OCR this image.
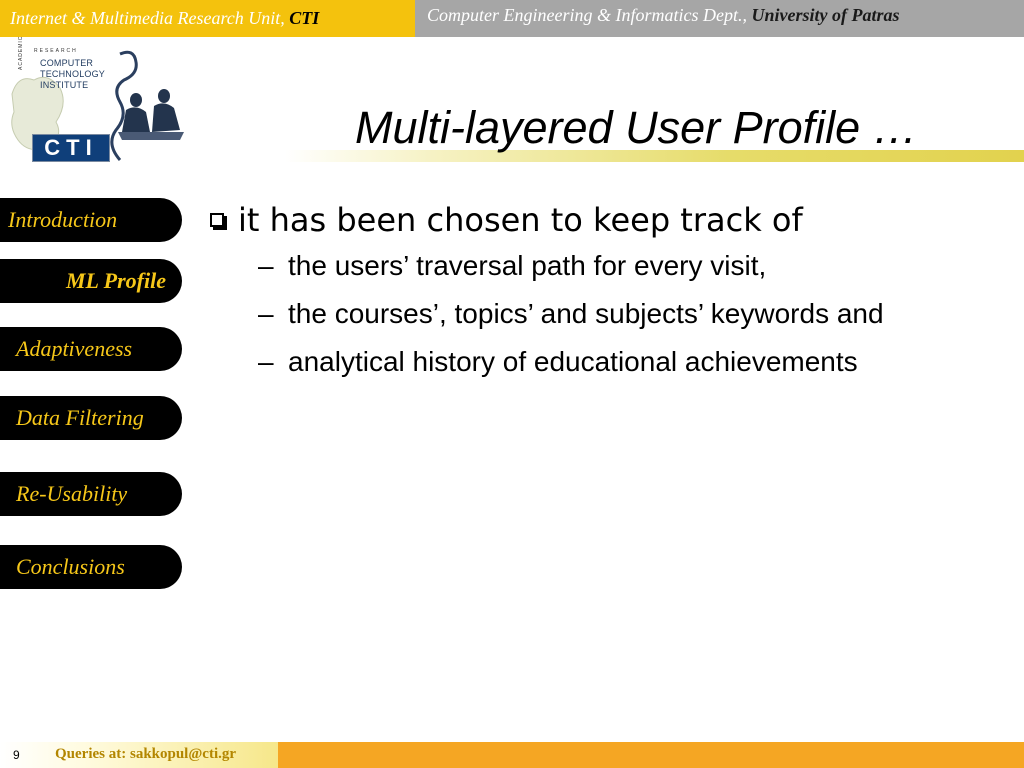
Internet & Multimedia Research Unit, CTI	Computer Engineering & Informatics Dept., University of Patras
RESEARCH
ACADEMIC COMPUTER
TECHNOLOGY
INSTITUTE
CTI	Multi-layered User Profile …
Introduction
ML Profile
Adaptiveness
Data Filtering
Re-Usability
Conclusions
it has been chosen to keep track of
– the users’ traversal path for every visit,
– the courses’, topics’ and subjects’ keywords and
– analytical history of educational achievements
9 Queries at: sakkopul@cti.gr
